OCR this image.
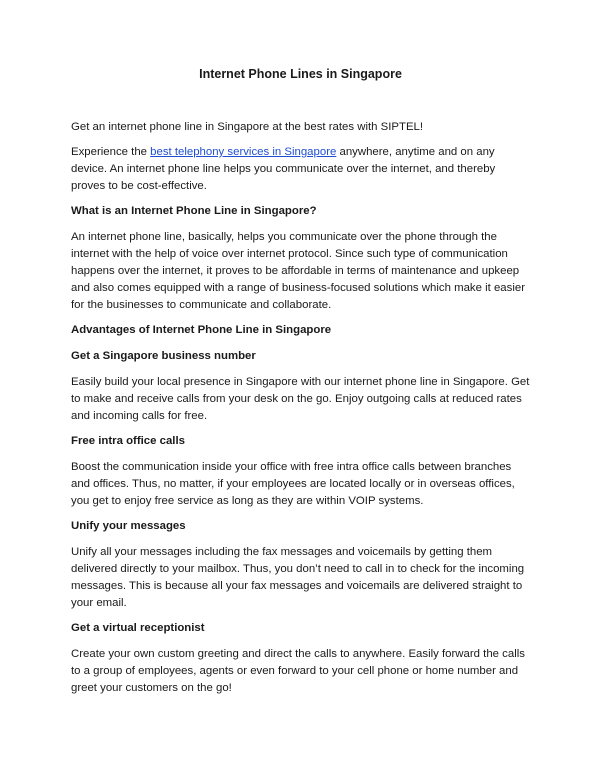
Internet Phone Lines in Singapore

Get an internet phone line in Singapore at the best rates with SIPTEL!

Experience the best telephony services in Singapore anywhere, anytime and on any device. An internet phone line helps you communicate over the internet, and thereby proves to be cost-effective.

What is an Internet Phone Line in Singapore?

An internet phone line, basically, helps you communicate over the phone through the internet with the help of voice over internet protocol. Since such type of communication happens over the internet, it proves to be affordable in terms of maintenance and upkeep and also comes equipped with a range of business-focused solutions which make it easier for the businesses to communicate and collaborate.

Advantages of Internet Phone Line in Singapore

Get a Singapore business number

Easily build your local presence in Singapore with our internet phone line in Singapore. Get to make and receive calls from your desk on the go. Enjoy outgoing calls at reduced rates and incoming calls for free.

Free intra office calls

Boost the communication inside your office with free intra office calls between branches and offices. Thus, no matter, if your employees are located locally or in overseas offices, you get to enjoy free service as long as they are within VOIP systems.

Unify your messages

Unify all your messages including the fax messages and voicemails by getting them delivered directly to your mailbox. Thus, you don’t need to call in to check for the incoming messages. This is because all your fax messages and voicemails are delivered straight to your email.

Get a virtual receptionist

Create your own custom greeting and direct the calls to anywhere. Easily forward the calls to a group of employees, agents or even forward to your cell phone or home number and greet your customers on the go!
